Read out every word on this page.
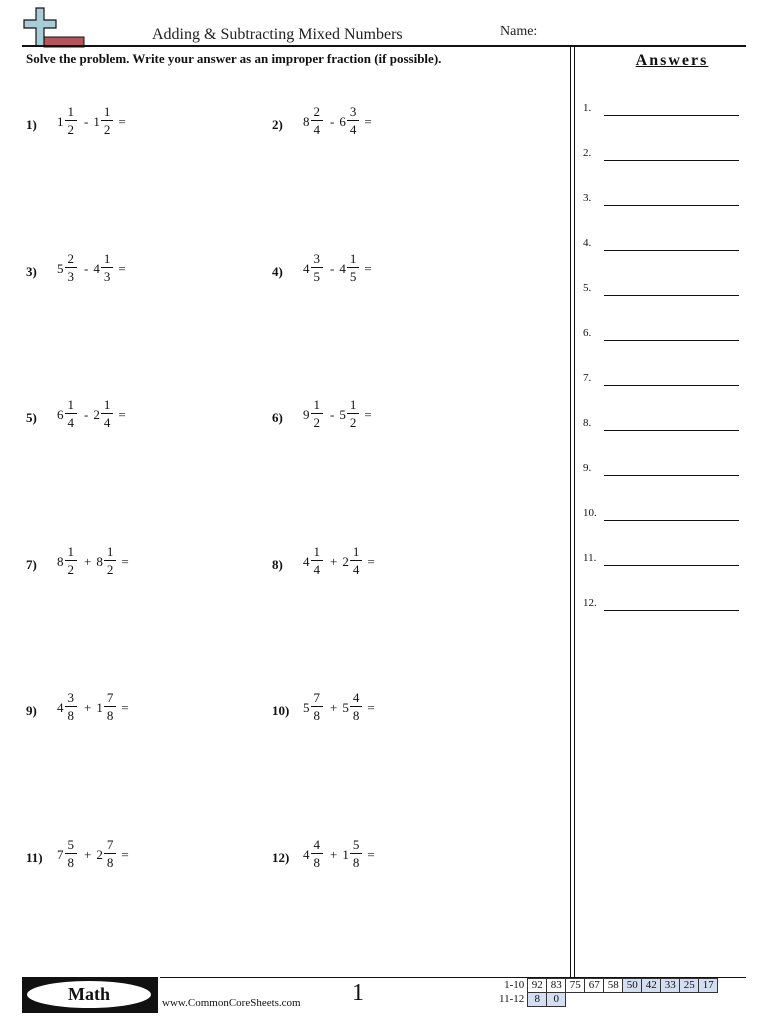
Adding & Subtracting Mixed Numbers	Name:
Solve the problem. Write your answer as an improper fraction (if possible).	Answers
1.
2.
3.
4.
5.
6.
7.
8.
9.
10.
11.
12.
1) $1 \frac{1}{2} - 1 \frac{1}{2}$ =	2) $8 \frac{2}{4} - 6 \frac{3}{4}$ =
3) $5 \frac{2}{3} - 4 \frac{1}{3}$ =	4) $4 \frac{3}{5} - 4 \frac{1}{5}$ =
5) $6 \frac{1}{4} - 2 \frac{1}{4}$ =	6) $9 \frac{1}{2} - 5 \frac{1}{2}$ =
7) $8 \frac{1}{2} + 8 \frac{1}{2}$ =	8) $4 \frac{1}{4} + 2 \frac{1}{4}$ =
9) $4 \frac{3}{8} + 1 \frac{7}{8}$ =	10) $5 \frac{7}{8} + 5 \frac{4}{8}$ =
11) $7 \frac{5}{8} + 2 \frac{7}{8}$ =	12) $4 \frac{4}{8} + 1 \frac{5}{8}$ =
Math	www.CommonCoreSheets.com 1	1-10	92	83	75	67	58	50	42	33	25	17
11-12	8	0								
